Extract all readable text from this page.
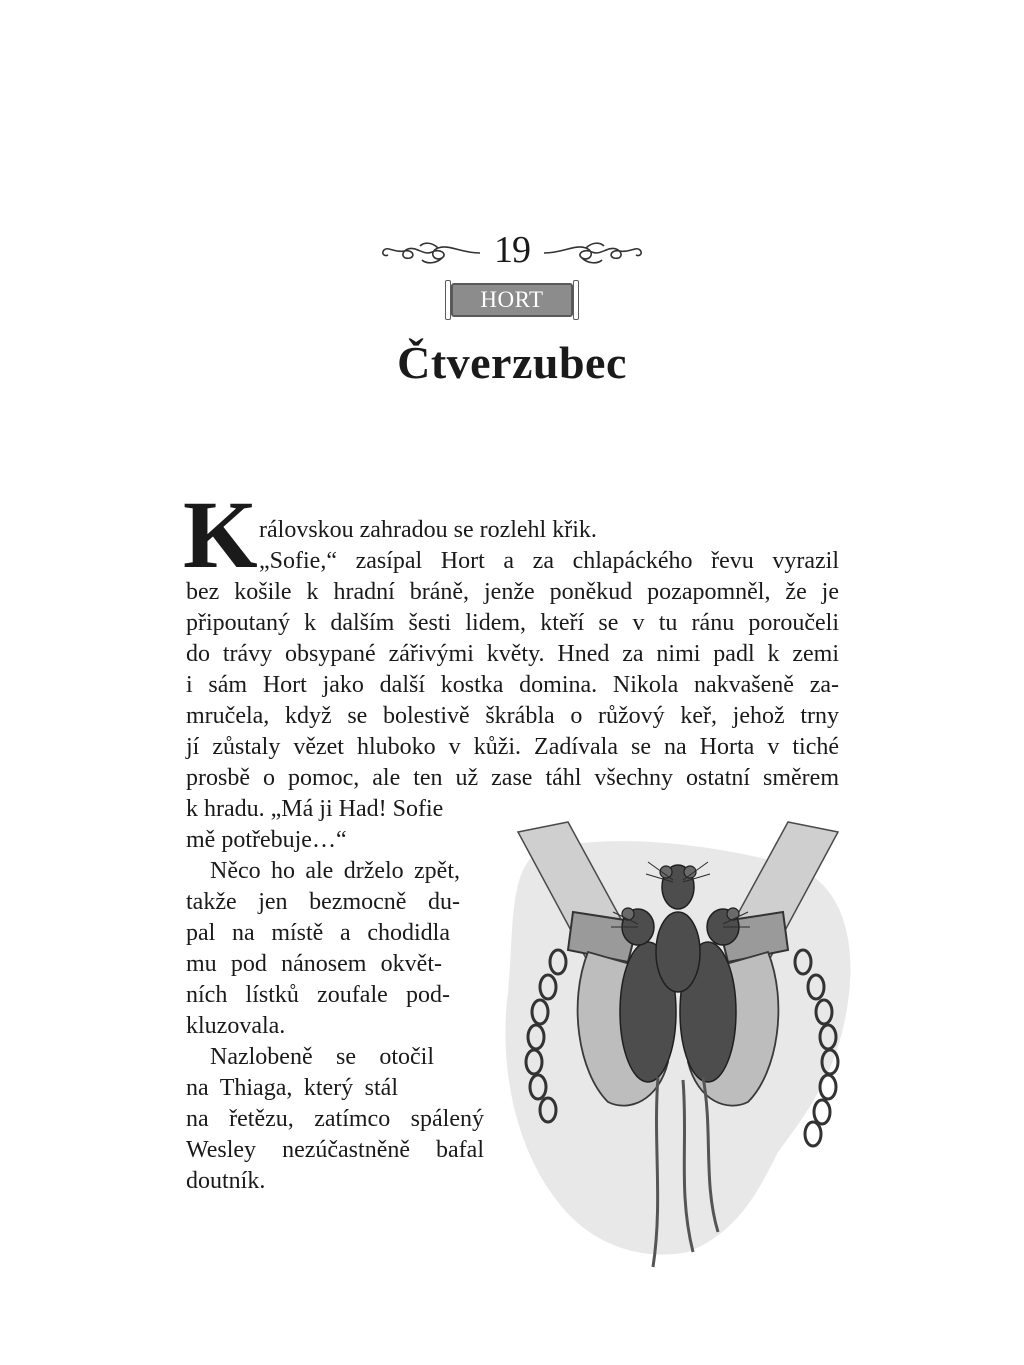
19
HORT
Čtverzubec
K rálovskou zahradou se rozlehl křik.
„Sofie,“ zasípal Hort a za chlapáckého řevu vyrazil
bez košile k hradní bráně, jenže poněkud pozapomněl, že je
připoutaný k dalším šesti lidem, kteří se v tu ránu poroučeli
do trávy obsypané zářivými květy. Hned za nimi padl k zemi
i sám Hort jako další kostka domina. Nikola nakvašeně za-
mručela, když se bolestivě škrábla o růžový keř, jehož trny
jí zůstaly vězet hluboko v kůži. Zadívala se na Horta v tiché
prosbě o pomoc, ale ten už zase táhl všechny ostatní směrem
k hradu. „Má ji Had! Sofie
mě potřebuje…“
Něco ho ale drželo zpět,
takže jen bezmocně du-
pal na místě a chodidla
mu pod nánosem okvět-
ních lístků zoufale pod-
kluzovala.
Nazlobeně se otočil
na Thiaga, který stál
na řetězu, zatímco spálený
Wesley nezúčastněně bafal
doutník.
